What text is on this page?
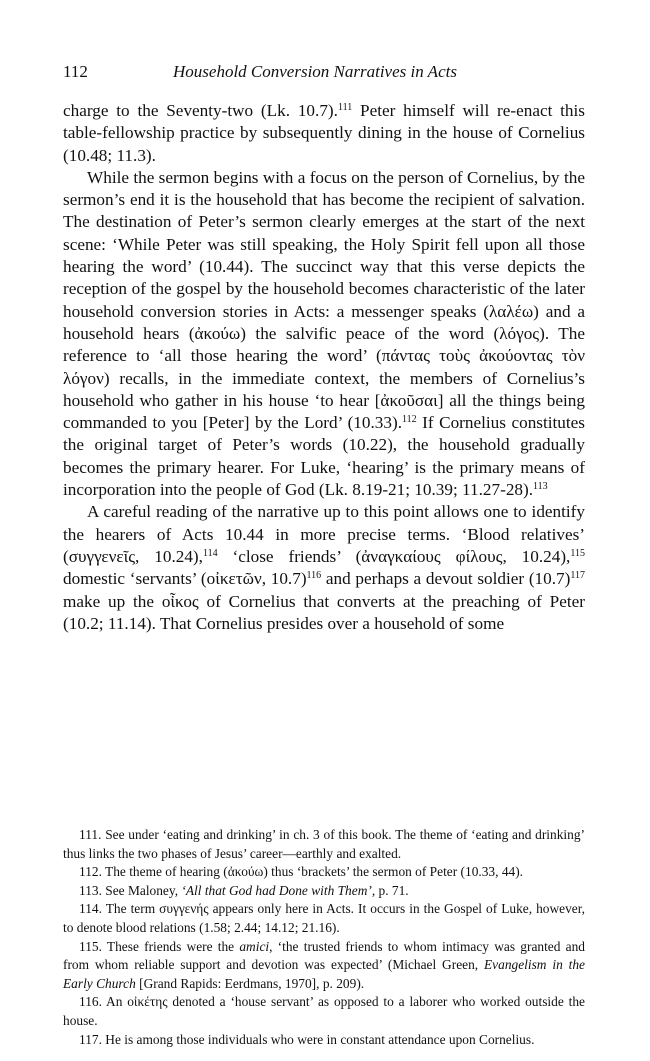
112	Household Conversion Narratives in Acts

charge to the Seventy-two (Lk. 10.7).$^{111}$ Peter himself will re-enact this table-fellowship practice by subsequently dining in the house of Cornelius (10.48; 11.3).

While the sermon begins with a focus on the person of Cornelius, by the sermon’s end it is the household that has become the recipient of salvation. The destination of Peter’s sermon clearly emerges at the start of the next scene: ‘While Peter was still speaking, the Holy Spirit fell upon all those hearing the word’ (10.44). The succinct way that this verse depicts the reception of the gospel by the household becomes characteristic of the later household conversion stories in Acts: a messenger speaks (λαλέω) and a household hears (ἀκούω) the salvific peace of the word (λόγος). The reference to ‘all those hearing the word’ (πάντας τοὺς ἀκούοντας τὸν λόγον) recalls, in the immediate context, the members of Cornelius’s household who gather in his house ‘to hear [ἀκοῦσαι] all the things being commanded to you [Peter] by the Lord’ (10.33).$^{112}$ If Cornelius constitutes the original target of Peter’s words (10.22), the household gradually becomes the primary hearer. For Luke, ‘hearing’ is the primary means of incorporation into the people of God (Lk. 8.19-21; 10.39; 11.27-28).$^{113}$

A careful reading of the narrative up to this point allows one to identify the hearers of Acts 10.44 in more precise terms. ‘Blood relatives’ (συγγενεῖς, 10.24),$^{114}$ ‘close friends’ (ἀναγκαίους φίλους, 10.24),$^{115}$ domestic ‘servants’ (οἰκετῶν, 10.7)$^{116}$ and perhaps a devout soldier $(10.7)^{117}$ make up the οἶκος of Cornelius that converts at the preaching of Peter (10.2; 11.14). That Cornelius presides over a household of some

111. See under ‘eating and drinking’ in ch. 3 of this book. The theme of ‘eating and drinking’ thus links the two phases of Jesus’ career—earthly and exalted.

112. The theme of hearing (ἀκούω) thus ‘brackets’ the sermon of Peter (10.33, 44).

113. See Maloney, ‘All that God had Done with Them’, p. 71.

114. The term συγγενής appears only here in Acts. It occurs in the Gospel of Luke, however, to denote blood relations (1.58; 2.44; 14.12; 21.16).

115. These friends were the amici, ‘the trusted friends to whom intimacy was granted and from whom reliable support and devotion was expected’ (Michael Green, Evangelism in the Early Church [Grand Rapids: Eerdmans, 1970], p. 209).

116. An οἰκέτης denoted a ‘house servant’ as opposed to a laborer who worked outside the house.

117. He is among those individuals who were in constant attendance upon Cornelius.
